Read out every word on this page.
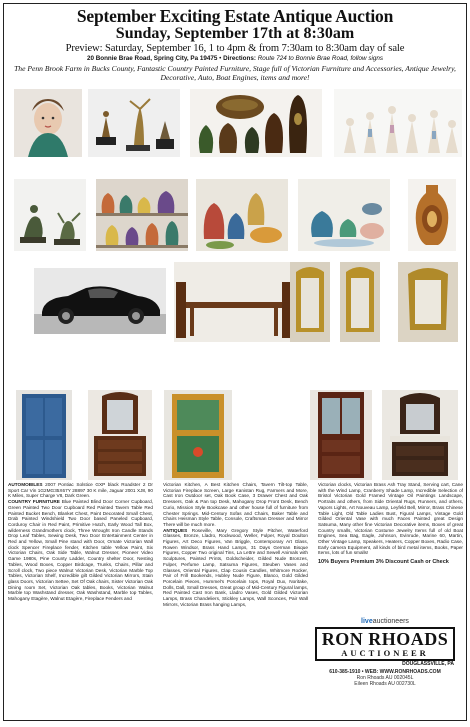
September Exciting Estate Antique Auction
Sunday, September 17th at 8:30am
Preview: Saturday, September 16, 1 to 4pm & from 7:30am to 8:30am day of sale
20 Bonnie Brae Road, Spring City, Pa 19475 • Directions: Route 724 to Bonnie Brae Road, follow signs
The Penn Brook Farm in Bucks County, Fantastic Country Painted Furniture, Stage full of Victorian Furniture and Accessories, Antique Jewelry, Decorative, Auto, Boat Engines, items and more!
AUTOMOBILES 2007 Pontiac Solstice GXP black Roadster 2 Dr Sport Car Vin 1G2MG35X67Y 28897 30 K mile, Jaguar 2001 XJ8, 90 K Miles, Super Charge V8, Dark Green.
COUNTRY FURNITURE Blue Painted Blind Door Corner Cupboard, Green Painted Two Door Cupboard Red Painted Tavern Table Red Painted Bucket Bench, Blanket Chest, Paint Decorated Small Chest, Drab Painted Windshield Two Door based Paneled Cupboard, Corduroy Chair in Red Paint, Primitive Hutch, Early Wood Tall Box, wilderness Grandmothers clock, Three Wrought Iron Candle Stands Drop Leaf Tables, Sewing Desk, Two Door Entertainment Center in Red and Yellow, Small Pine stand with Door, Ornate Victorian Wall clock Spencer Fireplace fender, Kitchen table Yellow Paint, Six Victorian Chairs, Oak Side Table, Walnut Dresser, Pioneer Video Game 1980s, Pine County Ladder, Country shelter Door, Nesting Tables, Wood Boxes, Copper Birdcage, Trunks, Chairs, Pillar and Scroll clock, Two piece Walnut Victorian Desk, Victorian Marble Top Tables, Victorian Shelf, Incredible gilt Gilded Victorian Mirrors, Stain glass Doors, Victorian Settee, Set Of Oak chairs, Sister Victorian Oak Dining room Set, Victorian Oak tables, Books, Victorian Walnut Marble top Washstand dresser, Oak Washstand, Marble top Tables, Mahogany Etagère, Walnut Etagère, Fireplace Fenders and
Victorian Kitchen, A Best Kitchen Chairs, Tavern Tilt-top Table, Victorian Fireplace Screen, Large Kanistan Rug, Farmers and More, Cast Iron Outdoor set, Oak Book Case, 3 Drawer Chest and Oak Dressers, Oak & Pan top Desk, Mahogany Drop Front Desk, Bench Curio, Mission Style Bookcase and other house full of furniture from Chester Springs. Mid-Century Sofas and Chairs, Baker Table and Chairs Heisman Style Table, Console, Craftsman Dresser and Mirror There will be much more.
ANTIQUES Roseville, Mary Gregory Style Pitcher, Waterford Glasses, Bronze, Lladro, Rockwood, Weller, Fulper, Royal Doulton Figures, Art Deco Figures, Van Briggle, Contemporary Art Glass, Rowen Windsor, Brass Hand Lamps, 31 Days German Bisque Figures, Copper Two original Tins, La Lettre and Sewell Animals with Sculptures, Painted Prints, Goldscheider, Gilded Nude Bronzes, Fulper, Perfume Lamp, Satsuma Figures, Steuben Vases and Glasses, Oriental Figures, Clap Cousin Candles, Whitmore Rocker, Pair of Frill Bookends, Hubley Nude Figure, Blanco, Gold Gilded Porcelain Pieces, Hummel's Porcelain tops, Royal Dux, Noritake, Dolls, Dall, Small Dresses, Great group of Mid-Century Figural lamps, Red Painted Cast Iron Bank, Lladro Vases, Gold Gilded Victorian Lamps, Brass Chandeliers, Stickley Lamps, Wall Sconces, Pair Wall Mirrors, Victorian Brass hanging Lamps,
Victorian clocks, Victorian Brass Ash Tray Stand, Serving cart, Cane with the Wind Lamp, Cranberry Shade Lamp, Incredible Selection of Bristol Victorian Gold Framed Vintage Oil Paintings Landscape, Portraits and others, from Side Oriental Rugs, Runners, and others, Vapors Lights, Art Nouveau Lamp, Leyfeld Bell, Mirror, Brass Chinese Table Light, Old Table Ladies Bust, Figural Lamps, Vintage Gold Gilded Oriental Vase with much Faces Painted great Design Satsuma, Many other fine Victorian Decorative items, Boxes of great Country smalls, Victorian Costume Jewelry Items full of old Boat Engines, Sea Bag, Eagle, Johnson, Evinrude, Marine 60, Martin, Other Vintage Lamp, Speakers, Heaters, Copper Boxes, Radio Case, Early camera Equipment, all kinds of bird metal items, Books, Paper Items, lots of fun smalls!
10% Buyers Premium 3% Discount Cash or Check
liveauctioneers
RON RHOADS
AUCTIONEER
DOUGLASSVILLE, PA
610-385-1910 • WEB: WWW.RONRHOADS.COM
Ron Rhoads AU 002045L
Eileen Rhoads AU 002730L
